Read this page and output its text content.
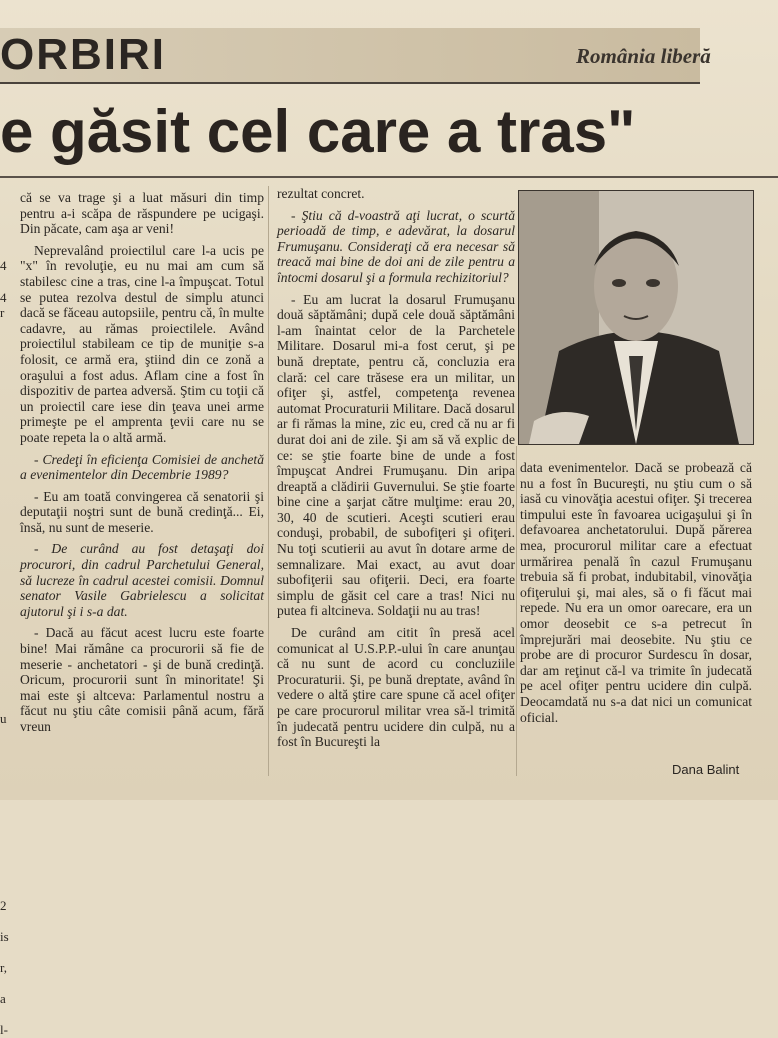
ORBIRI	România liberă
e găsit cel care a tras"
4
4
r
u
2
is
r,
a
l-

că se va trage şi a luat măsuri din timp pentru a-i scăpa de răspundere pe ucigaşi. Din păcate, cam aşa ar veni!

Neprevalând proiectilul care l-a ucis pe "x" în revoluţie, eu nu mai am cum să stabilesc cine a tras, cine l-a împuşcat. Totul se putea rezolva destul de simplu atunci dacă se făceau autopsiile, pentru că, în multe cadavre, au rămas proiectilele. Având proiectilul stabileam ce tip de muniţie s-a folosit, ce armă era, ştiind din ce zonă a oraşului a fost adus. Aflam cine a fost în dispozitiv de partea adversă. Ştim cu toţii că un proiectil care iese din ţeava unei arme primeşte pe el amprenta ţevii care nu se poate repeta la o altă armă.

- Credeţi în eficienţa Comisiei de anchetă a evenimentelor din Decembrie 1989?

- Eu am toată convingerea că senatorii şi deputaţii noştri sunt de bună credinţă... Ei, însă, nu sunt de meserie.

- De curând au fost detaşaţi doi procurori, din cadrul Parchetului General, să lucreze în cadrul acestei comisii. Domnul senator Vasile Gabrielescu a solicitat ajutorul şi i s-a dat.

- Dacă au făcut acest lucru este foarte bine! Mai rămâne ca procurorii să fie de meserie - anchetatori - şi de bună credinţă. Oricum, procurorii sunt în minoritate! Şi mai este şi altceva: Parlamentul nostru a făcut nu ştiu câte comisii până acum, fără vreun

rezultat concret.

- Ştiu că d-voastră aţi lucrat, o scurtă perioadă de timp, e adevărat, la dosarul Frumuşanu. Consideraţi că era necesar să treacă mai bine de doi ani de zile pentru a întocmi dosarul şi a formula rechizitoriul?

- Eu am lucrat la dosarul Frumuşanu două săptămâni; după cele două săptămâni l-am înaintat celor de la Parchetele Militare. Dosarul mi-a fost cerut, şi pe bună dreptate, pentru că, concluzia era clară: cel care trăsese era un militar, un ofiţer şi, astfel, competenţa revenea automat Procuraturii Militare. Dacă dosarul ar fi rămas la mine, zic eu, cred că nu ar fi durat doi ani de zile. Şi am să vă explic de ce: se ştie foarte bine de unde a fost împuşcat Andrei Frumuşanu. Din aripa dreaptă a clădirii Guvernului. Se ştie foarte bine cine a şarjat către mulţime: erau 20, 30, 40 de scutieri. Aceşti scutieri erau conduşi, probabil, de subofiţeri şi ofiţeri. Nu toţi scutierii au avut în dotare arme de semnalizare. Mai exact, au avut doar subofiţerii sau ofiţerii. Deci, era foarte simplu de găsit cel care a tras! Nici nu putea fi altcineva. Soldaţii nu au tras!

De curând am citit în presă acel comunicat al U.S.P.P.-ului în care anunţau că nu sunt de acord cu concluziile Procuraturii. Şi, pe bună dreptate, având în vedere o altă ştire care spune că acel ofiţer pe care procurorul militar vrea să-l trimită în judecată pentru ucidere din culpă, nu a fost în Bucureşti la

data evenimentelor. Dacă se probează că nu a fost în Bucureşti, nu ştiu cum o să iasă cu vinovăţia acestui ofiţer. Şi trecerea timpului este în favoarea ucigaşului şi în defavoarea anchetatorului. După părerea mea, procurorul militar care a efectuat urmărirea penală în cazul Frumuşanu trebuia să fi probat, indubitabil, vinovăţia ofiţerului şi, mai ales, să o fi făcut mai repede. Nu era un omor oarecare, era un omor deosebit ce s-a petrecut în împrejurări mai deosebite. Nu ştiu ce probe are di procuror Surdescu în dosar, dar am reţinut că-l va trimite în judecată pe acel ofiţer pentru ucidere din culpă. Deocamdată nu s-a dat nici un comunicat oficial.

Dana Balint
